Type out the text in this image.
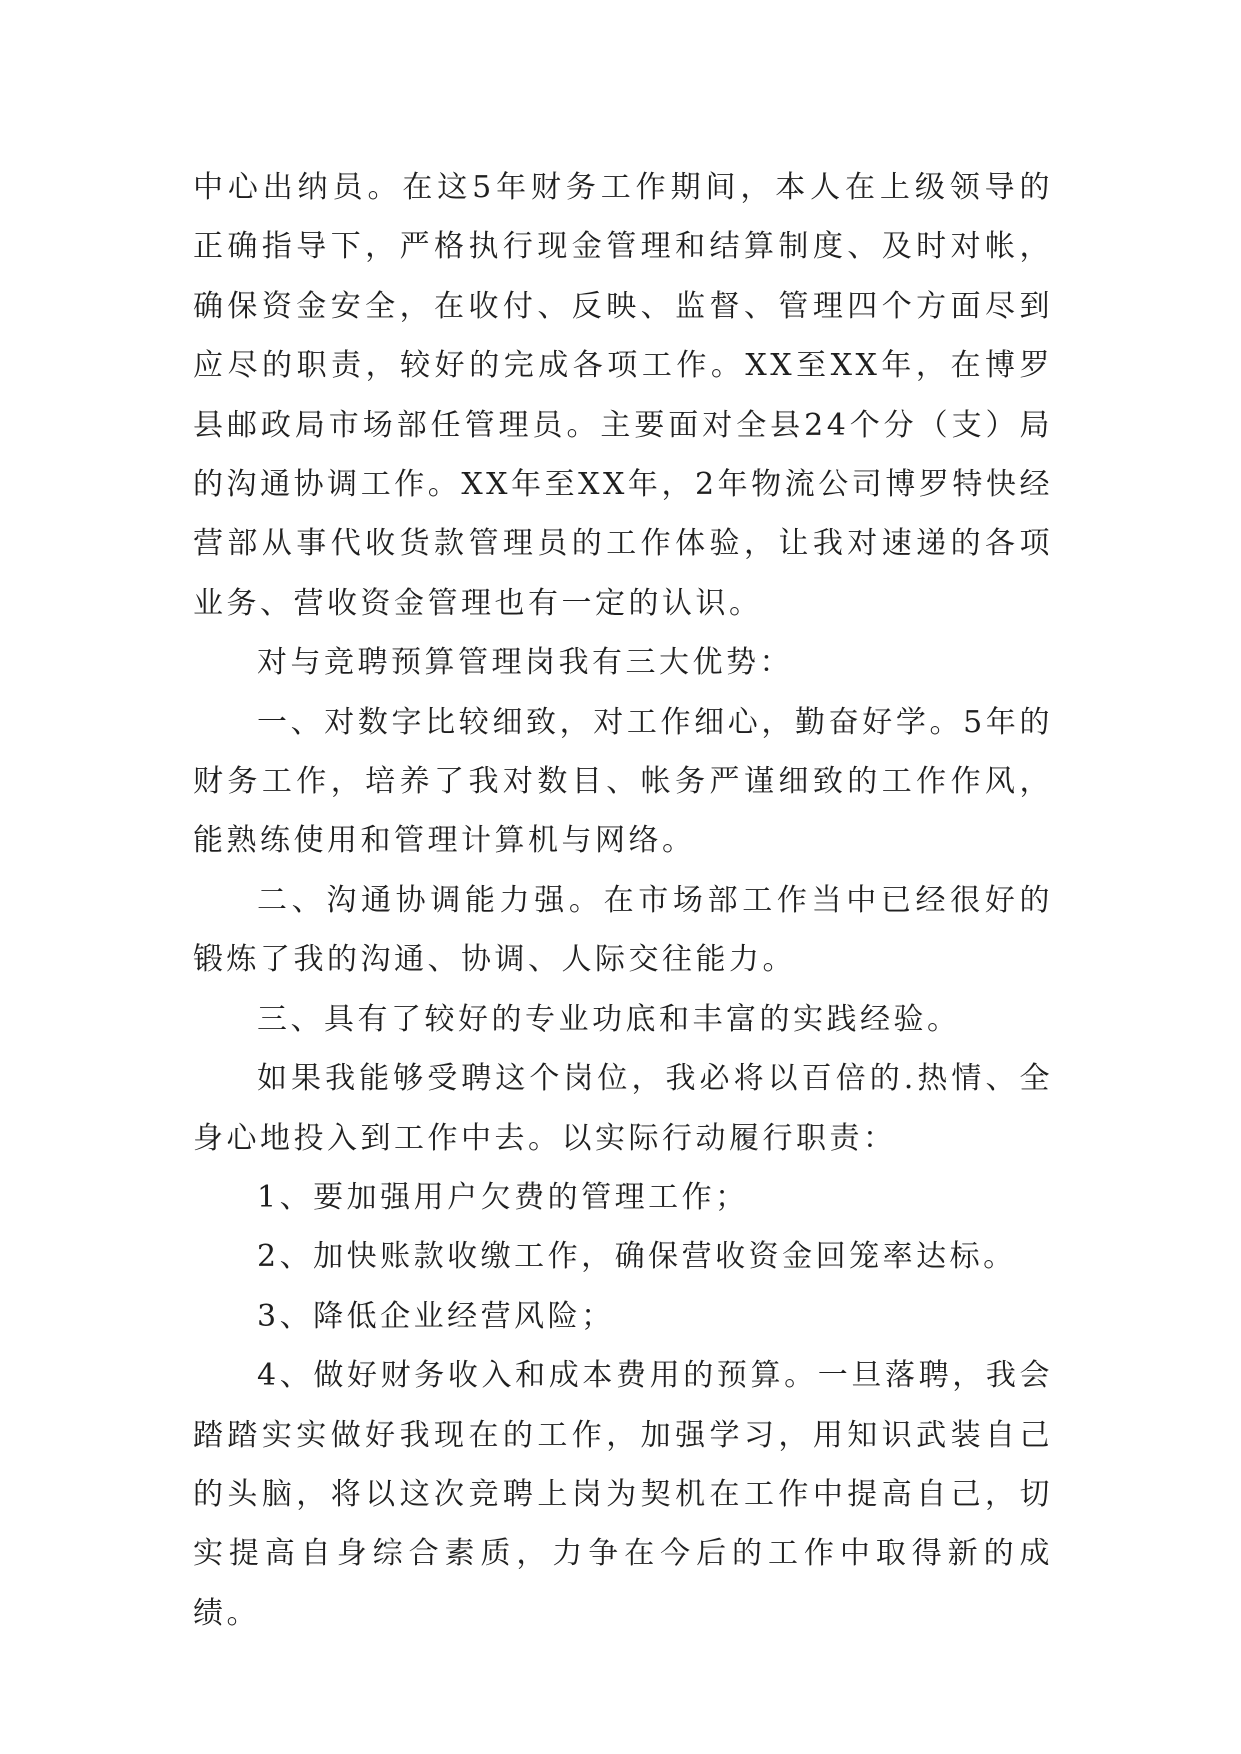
中心出纳员。在这5年财务工作期间，本人在上级领导的正确指导下，严格执行现金管理和结算制度、及时对帐，确保资金安全，在收付、反映、监督、管理四个方面尽到应尽的职责，较好的完成各项工作。XX至XX年，在博罗县邮政局市场部任管理员。主要面对全县24个分（支）局的沟通协调工作。XX年至XX年，2年物流公司博罗特快经营部从事代收货款管理员的工作体验，让我对速递的各项业务、营收资金管理也有一定的认识。

对与竞聘预算管理岗我有三大优势：

一、对数字比较细致，对工作细心，勤奋好学。5年的财务工作，培养了我对数目、帐务严谨细致的工作作风，能熟练使用和管理计算机与网络。

二、沟通协调能力强。在市场部工作当中已经很好的锻炼了我的沟通、协调、人际交往能力。

三、具有了较好的专业功底和丰富的实践经验。

如果我能够受聘这个岗位，我必将以百倍的.热情、全身心地投入到工作中去。以实际行动履行职责：

1、要加强用户欠费的管理工作；

2、加快账款收缴工作，确保营收资金回笼率达标。

3、降低企业经营风险；

4、做好财务收入和成本费用的预算。一旦落聘，我会踏踏实实做好我现在的工作，加强学习，用知识武装自己的头脑，将以这次竞聘上岗为契机在工作中提高自己，切实提高自身综合素质，力争在今后的工作中取得新的成绩。
